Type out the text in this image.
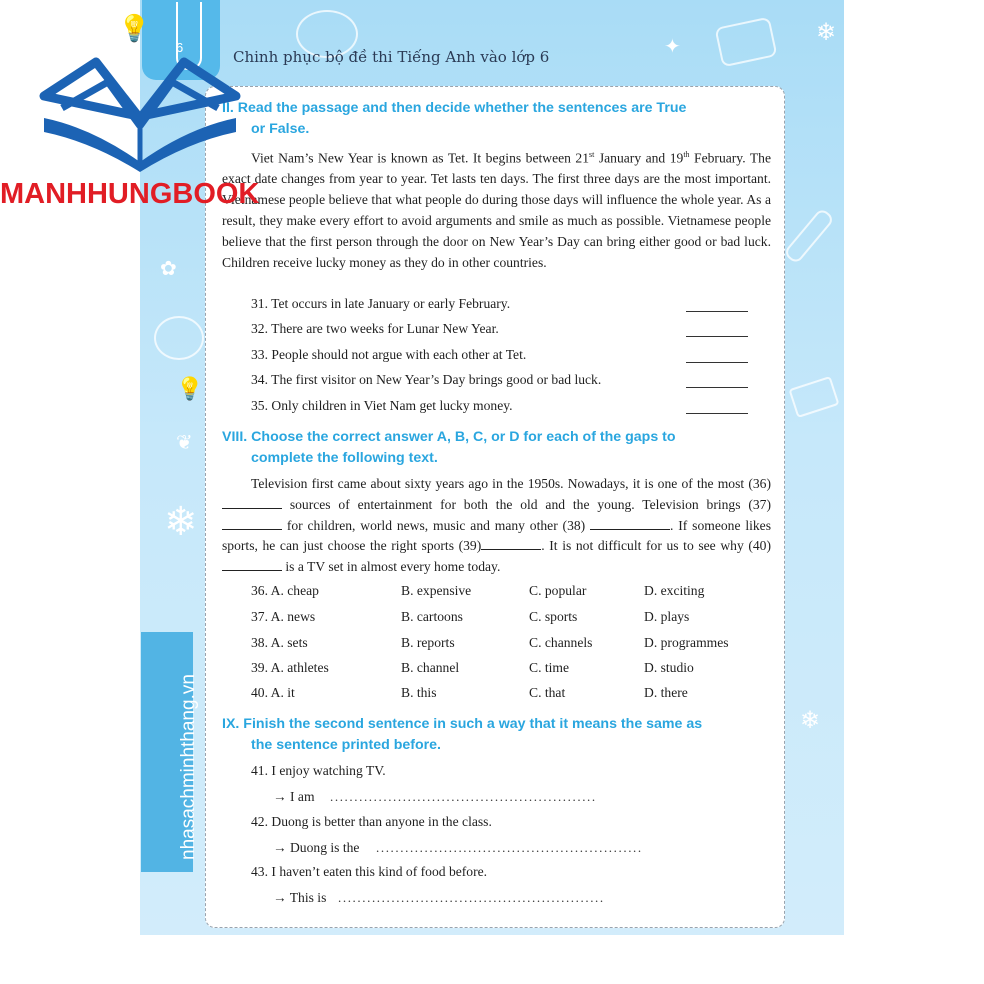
❄
❄
❄
✿
✦
💡
❦
6
Chinh phục bộ đề thi Tiếng Anh vào lớp 6
nhasachminhthang.vn
II. Read the passage and then decide whether the sentences are True
or False.
Viet Nam’s New Year is known as Tet. It begins between 21st January and 19th February. The exact date changes from year to year. Tet lasts ten days. The first three days are the most important. Vietnamese people believe that what people do during those days will influence the whole year. As a result, they make every effort to avoid arguments and smile as much as possible. Vietnamese people believe that the first person through the door on New Year’s Day can bring either good or bad luck. Children receive lucky money as they do in other countries.
31. Tet occurs in late January or early February.
32. There are two weeks for Lunar New Year.
33. People should not argue with each other at Tet.
34. The first visitor on New Year’s Day brings good or bad luck.
35. Only children in Viet Nam get lucky money.
VIII. Choose the correct answer A, B, C, or D for each of the gaps to
complete the following text.
Television first came about sixty years ago in the 1950s. Nowadays, it is one of the most (36) sources of entertainment for both the old and the young. Television brings (37) for children, world news, music and many other (38)	. If someone likes sports, he can just choose the right sports (39)	. It is not difficult for us to see why (40) is a TV set in almost every home today.
36. A. cheap	B. expensive	C. popular	D. exciting
37. A. news	B. cartoons	C. sports	D. plays
38. A. sets	B. reports	C. channels	D. programmes
39. A. athletes	B. channel	C. time	D. studio
40. A. it	B. this	C. that	D. there
IX. Finish the second sentence in such a way that it means the same as
the sentence printed before.
41. I enjoy watching TV.
→ I am .......................................................
42. Duong is better than anyone in the class.
→ Duong is the .......................................................
43. I haven’t eaten this kind of food before.
→ This is .......................................................
💡
MANHHUNGBOOK
